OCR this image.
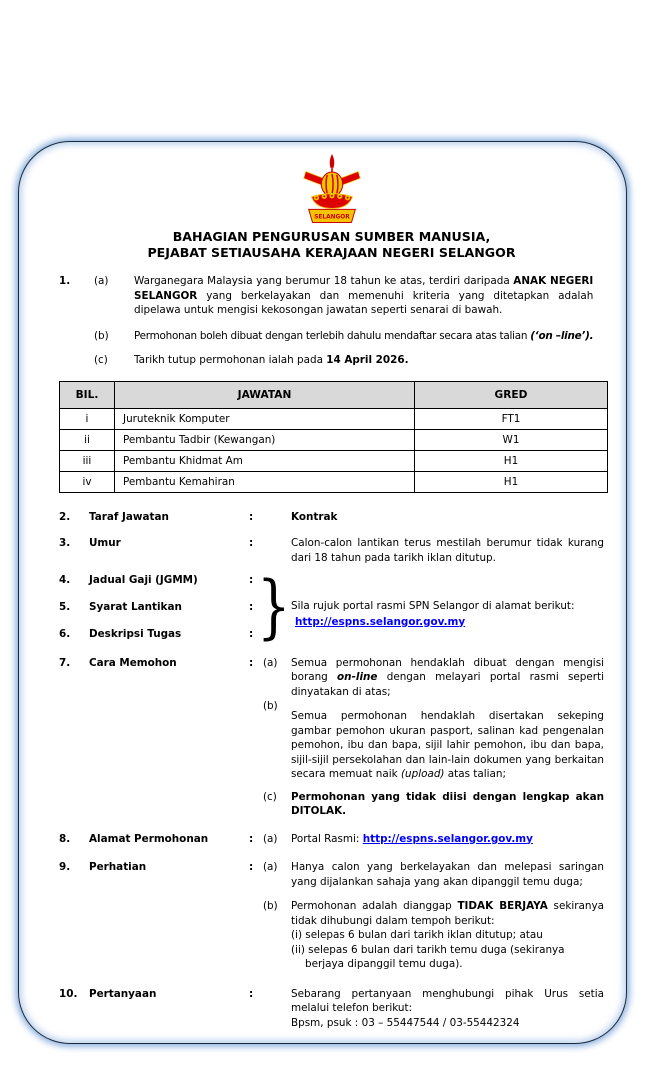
SELANGOR
BAHAGIAN PENGURUSAN SUMBER MANUSIA,
PEJABAT SETIAUSAHA KERAJAAN NEGERI SELANGOR
1.	(a)	Warganegara Malaysia yang berumur 18 tahun ke atas, terdiri daripada ANAK NEGERI SELANGOR yang berkelayakan dan memenuhi kriteria yang ditetapkan adalah dipelawa untuk mengisi kekosongan jawatan seperti senarai di bawah.
(b)	Permohonan boleh dibuat dengan terlebih dahulu mendaftar secara atas talian (‘on –line’).
(c)	Tarikh tutup permohonan ialah pada 14 April 2026.
BIL.	JAWATAN	GRED
i	Juruteknik Komputer	FT1
ii	Pembantu Tadbir (Kewangan)	W1
iii	Pembantu Khidmat Am	H1
iv	Pembantu Kemahiran	H1
2.	Taraf Jawatan	:	Kontrak
3.	Umur	:	Calon-calon lantikan terus mestilah berumur tidak kurang dari 18 tahun pada tarikh iklan ditutup.
4.	Jadual Gaji (JGMM)	:
5.	Syarat Lantikan	:
6.	Deskripsi Tugas	: } Sila rujuk portal rasmi SPN Selangor di alamat berikut:
http://espns.selangor.gov.my
7.	Cara Memohon	: (a)	Semua permohonan hendaklah dibuat dengan mengisi borang on-line dengan melayari portal rasmi seperti dinyatakan di atas;
(b)
Semua permohonan hendaklah disertakan sekeping gambar pemohon ukuran pasport, salinan kad pengenalan pemohon, ibu dan bapa, sijil lahir pemohon, ibu dan bapa, sijil-sijil persekolahan dan lain-lain dokumen yang berkaitan secara memuat naik (upload) atas talian;
(c)	Permohonan yang tidak diisi dengan lengkap akan DITOLAK.
8.	Alamat Permohonan	: (a)	Portal Rasmi: http://espns.selangor.gov.my
9.	Perhatian	: (a)	Hanya calon yang berkelayakan dan melepasi saringan yang dijalankan sahaja yang akan dipanggil temu duga;
(b)	Permohonan adalah dianggap TIDAK BERJAYA sekiranya tidak dihubungi dalam tempoh berikut:
(i) selepas 6 bulan dari tarikh iklan ditutup; atau
(ii) selepas 6 bulan dari tarikh temu duga (sekiranya berjaya dipanggil temu duga).
10.	Pertanyaan	:	Sebarang pertanyaan menghubungi pihak Urus setia melalui telefon berikut:
Bpsm, psuk : 03 – 55447544 / 03-55442324
